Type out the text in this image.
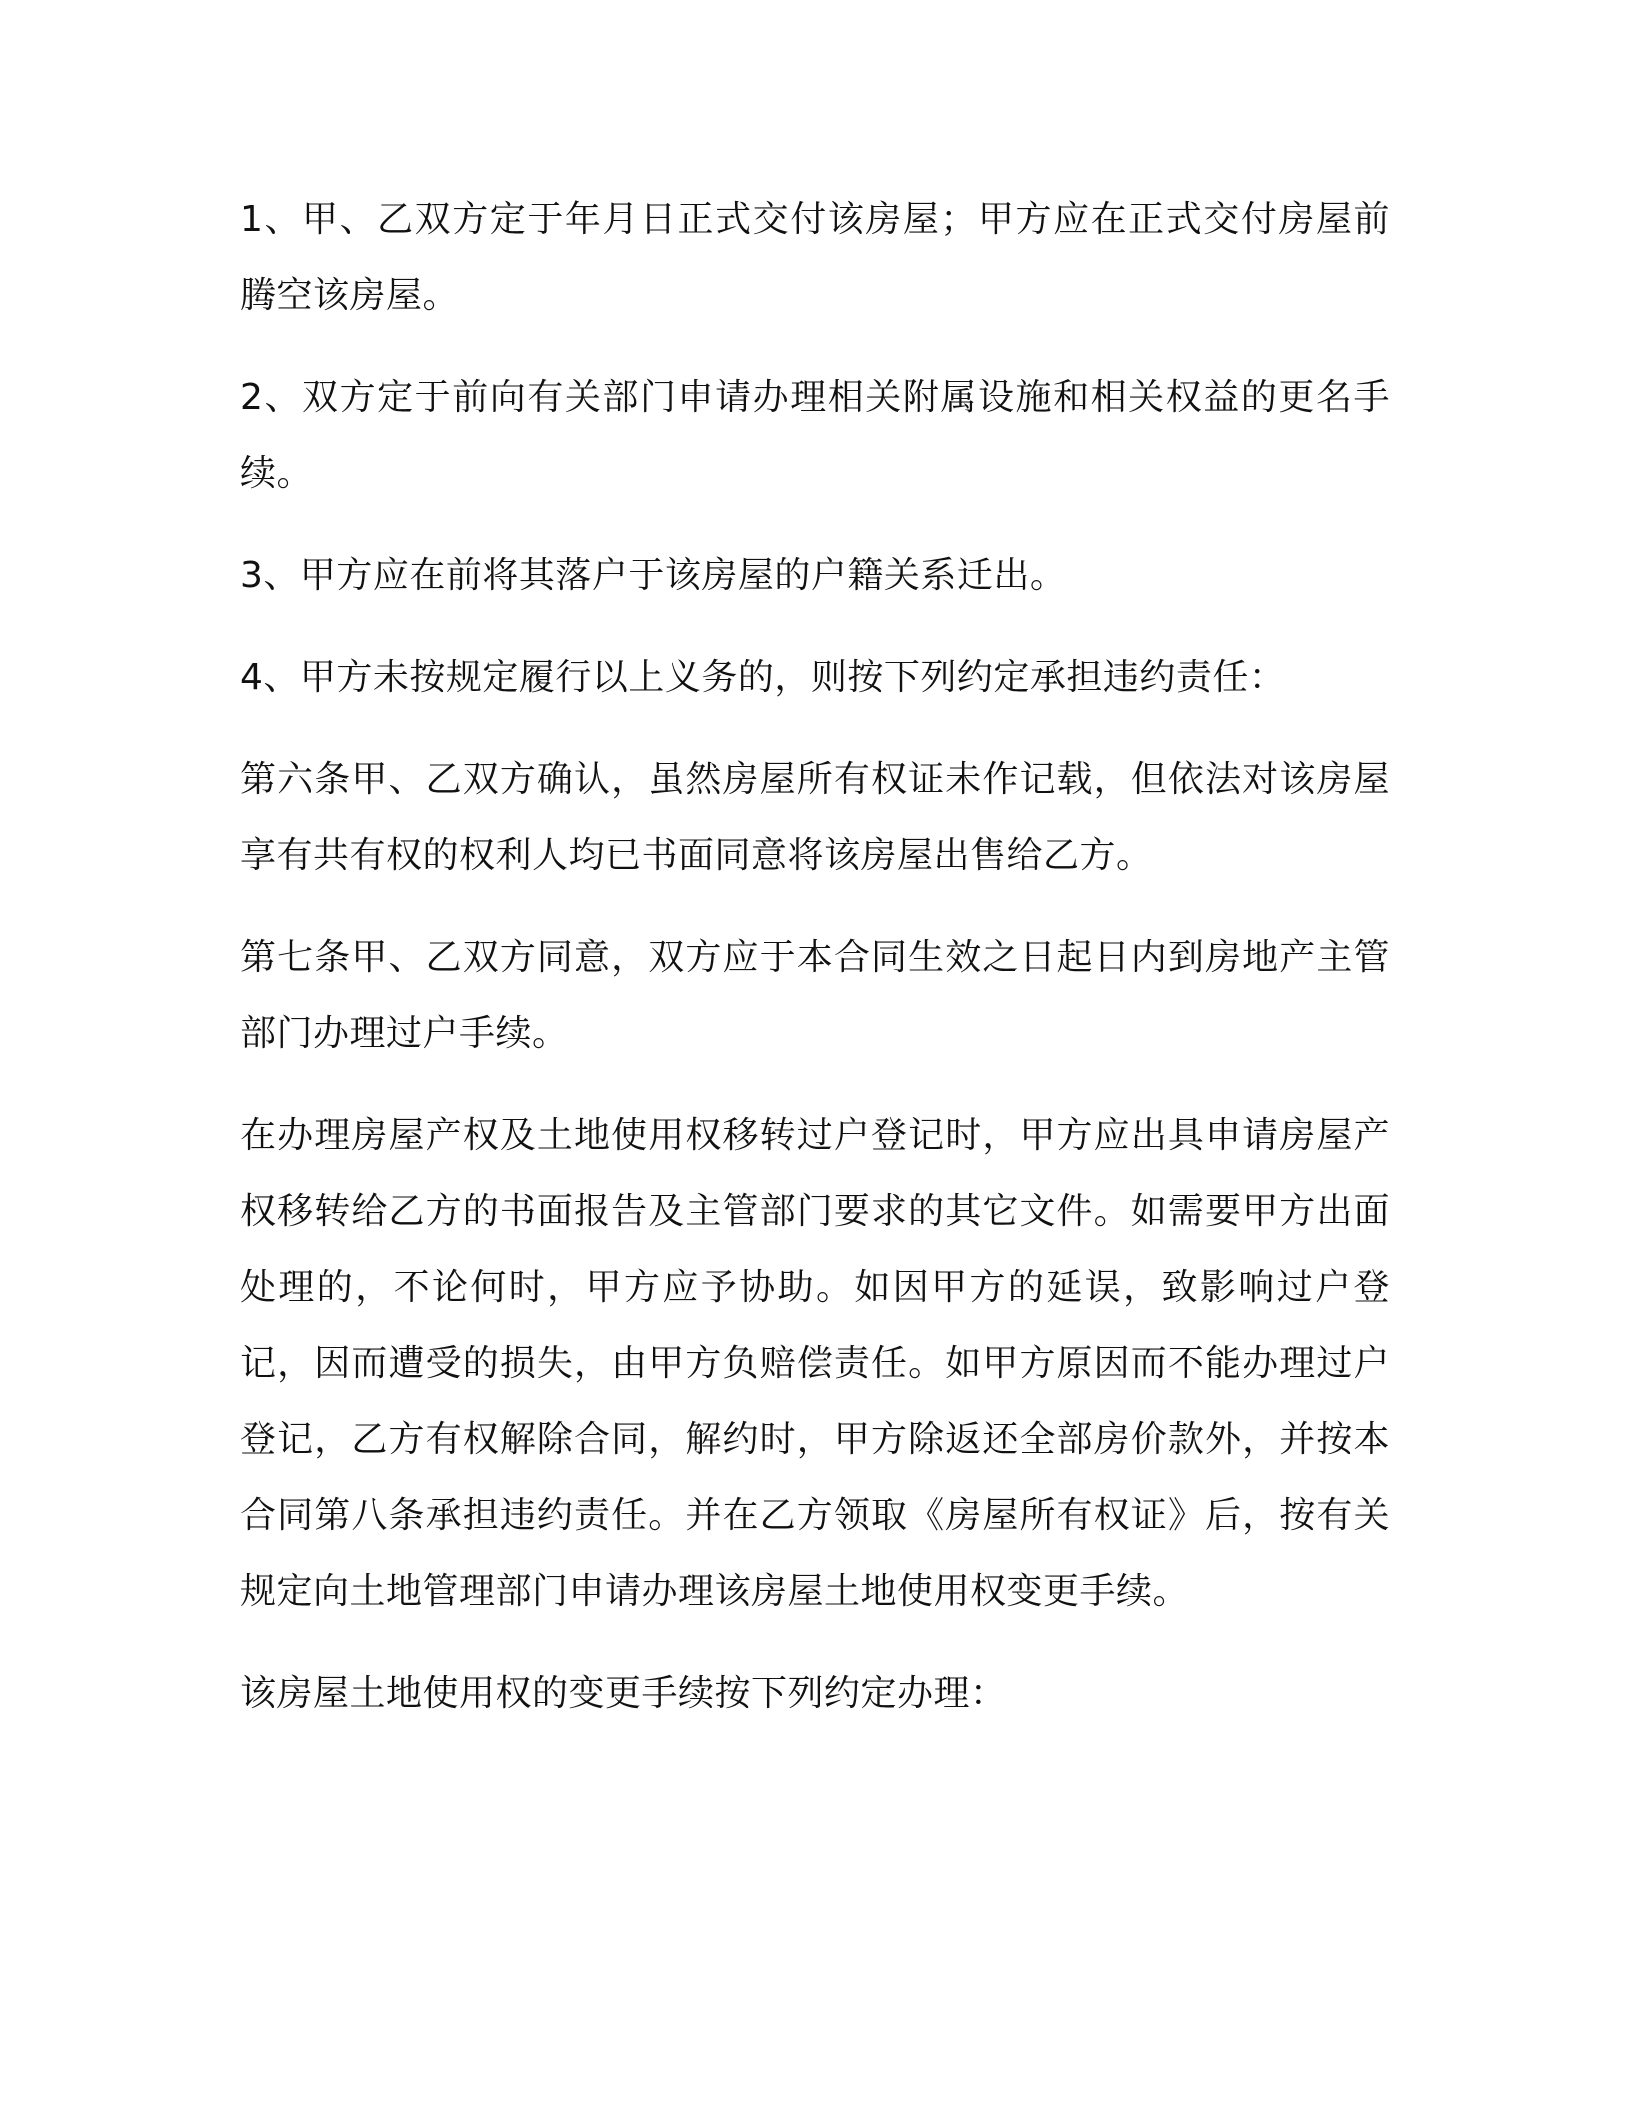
1、甲、乙双方定于年月日正式交付该房屋；甲方应在正式交付房屋前腾空该房屋。

2、双方定于前向有关部门申请办理相关附属设施和相关权益的更名手续。

3、甲方应在前将其落户于该房屋的户籍关系迁出。

4、甲方未按规定履行以上义务的，则按下列约定承担违约责任：

第六条甲、乙双方确认，虽然房屋所有权证未作记载，但依法对该房屋享有共有权的权利人均已书面同意将该房屋出售给乙方。

第七条甲、乙双方同意，双方应于本合同生效之日起日内到房地产主管部门办理过户手续。

在办理房屋产权及土地使用权移转过户登记时，甲方应出具申请房屋产权移转给乙方的书面报告及主管部门要求的其它文件。如需要甲方出面处理的，不论何时，甲方应予协助。如因甲方的延误，致影响过户登记，因而遭受的损失，由甲方负赔偿责任。如甲方原因而不能办理过户登记，乙方有权解除合同，解约时，甲方除返还全部房价款外，并按本合同第八条承担违约责任。并在乙方领取《房屋所有权证》后，按有关规定向土地管理部门申请办理该房屋土地使用权变更手续。

该房屋土地使用权的变更手续按下列约定办理：
